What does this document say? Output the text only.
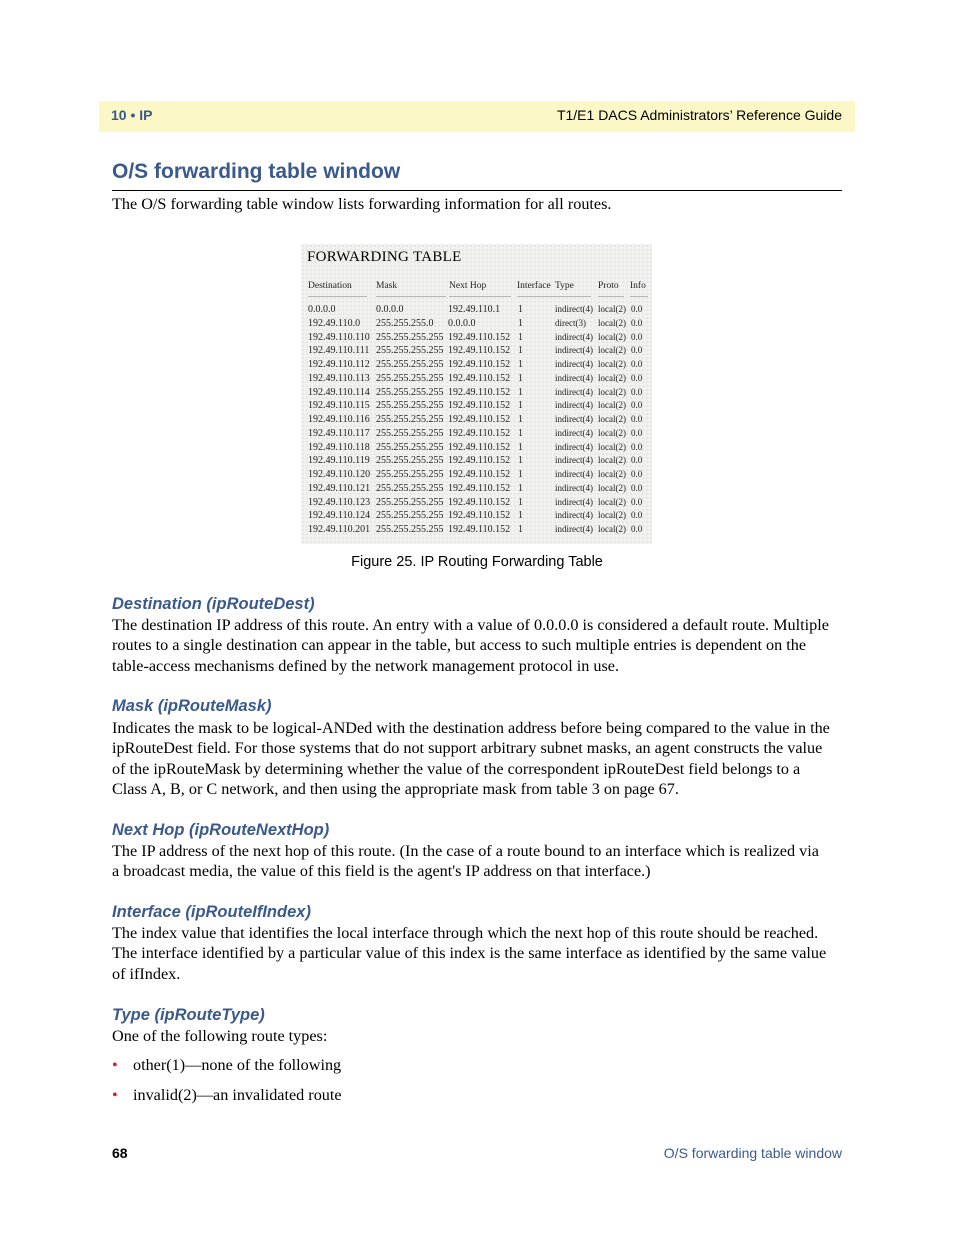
10 • IP	T1/E1 DACS Administrators’ Reference Guide
O/S forwarding table window

The O/S forwarding table window lists forwarding information for all routes.

FORWARDING TABLE
Destination	Mask	Next Hop	Interface Type	Proto Info
0.0.0.0	0.0.0.0	192.49.110.1 1	indirect(4) local(2) 0.0
192.49.110.0 255.255.255.0 0.0.0.0	1	direct(3) local(2) 0.0
192.49.110.110 255.255.255.255 192.49.110.152 1	indirect(4) local(2) 0.0
192.49.110.111 255.255.255.255 192.49.110.152 1	indirect(4) local(2) 0.0
192.49.110.112 255.255.255.255 192.49.110.152 1	indirect(4) local(2) 0.0
192.49.110.113 255.255.255.255 192.49.110.152 1	indirect(4) local(2) 0.0
192.49.110.114 255.255.255.255 192.49.110.152 1	indirect(4) local(2) 0.0
192.49.110.115 255.255.255.255 192.49.110.152 1	indirect(4) local(2) 0.0
192.49.110.116 255.255.255.255 192.49.110.152 1	indirect(4) local(2) 0.0
192.49.110.117 255.255.255.255 192.49.110.152 1	indirect(4) local(2) 0.0
192.49.110.118 255.255.255.255 192.49.110.152 1	indirect(4) local(2) 0.0
192.49.110.119 255.255.255.255 192.49.110.152 1	indirect(4) local(2) 0.0
192.49.110.120 255.255.255.255 192.49.110.152 1	indirect(4) local(2) 0.0
192.49.110.121 255.255.255.255 192.49.110.152 1	indirect(4) local(2) 0.0
192.49.110.123 255.255.255.255 192.49.110.152 1	indirect(4) local(2) 0.0
192.49.110.124 255.255.255.255 192.49.110.152 1	indirect(4) local(2) 0.0
192.49.110.201 255.255.255.255 192.49.110.152 1	indirect(4) local(2) 0.0
Figure 25. IP Routing Forwarding Table
Destination (ipRouteDest)

The destination IP address of this route. An entry with a value of 0.0.0.0 is considered a default route. Multiple
routes to a single destination can appear in the table, but access to such multiple entries is dependent on the
table-access mechanisms defined by the network management protocol in use.

Mask (ipRouteMask)

Indicates the mask to be logical-ANDed with the destination address before being compared to the value in the
ipRouteDest field. For those systems that do not support arbitrary subnet masks, an agent constructs the value
of the ipRouteMask by determining whether the value of the correspondent ipRouteDest field belongs to a
Class A, B, or C network, and then using the appropriate mask from table 3 on page 67.

Next Hop (ipRouteNextHop)

The IP address of the next hop of this route. (In the case of a route bound to an interface which is realized via
a broadcast media, the value of this field is the agent's IP address on that interface.)

Interface (ipRouteIfIndex)

The index value that identifies the local interface through which the next hop of this route should be reached.
The interface identified by a particular value of this index is the same interface as identified by the same value
of ifIndex.

Type (ipRouteType)

One of the following route types:

• other(1)—none of the following
• invalid(2)—an invalidated route
68	O/S forwarding table window
